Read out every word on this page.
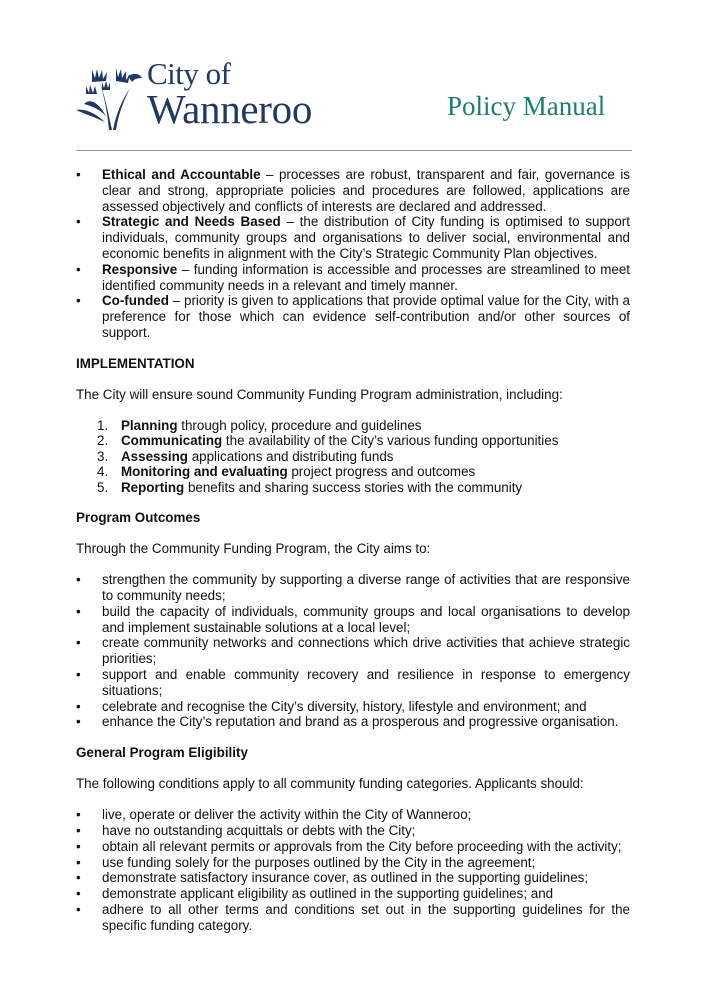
City of
Wanneroo	Policy Manual
• Ethical and Accountable – processes are robust, transparent and fair, governance is clear and strong, appropriate policies and procedures are followed, applications are assessed objectively and conflicts of interests are declared and addressed.
• Strategic and Needs Based – the distribution of City funding is optimised to support individuals, community groups and organisations to deliver social, environmental and economic benefits in alignment with the City’s Strategic Community Plan objectives.
• Responsive – funding information is accessible and processes are streamlined to meet identified community needs in a relevant and timely manner.
• Co-funded – priority is given to applications that provide optimal value for the City, with a preference for those which can evidence self-contribution and/or other sources of support.

IMPLEMENTATION

The City will ensure sound Community Funding Program administration, including:

1. Planning through policy, procedure and guidelines
2. Communicating the availability of the City’s various funding opportunities
3. Assessing applications and distributing funds
4. Monitoring and evaluating project progress and outcomes
5. Reporting benefits and sharing success stories with the community

Program Outcomes

Through the Community Funding Program, the City aims to:

• strengthen the community by supporting a diverse range of activities that are responsive to community needs;
• build the capacity of individuals, community groups and local organisations to develop and implement sustainable solutions at a local level;
• create community networks and connections which drive activities that achieve strategic priorities;
• support and enable community recovery and resilience in response to emergency situations;
• celebrate and recognise the City’s diversity, history, lifestyle and environment; and
• enhance the City’s reputation and brand as a prosperous and progressive organisation.

General Program Eligibility

The following conditions apply to all community funding categories. Applicants should:

• live, operate or deliver the activity within the City of Wanneroo;
• have no outstanding acquittals or debts with the City;
• obtain all relevant permits or approvals from the City before proceeding with the activity;
• use funding solely for the purposes outlined by the City in the agreement;
• demonstrate satisfactory insurance cover, as outlined in the supporting guidelines;
• demonstrate applicant eligibility as outlined in the supporting guidelines; and
• adhere to all other terms and conditions set out in the supporting guidelines for the specific funding category.
